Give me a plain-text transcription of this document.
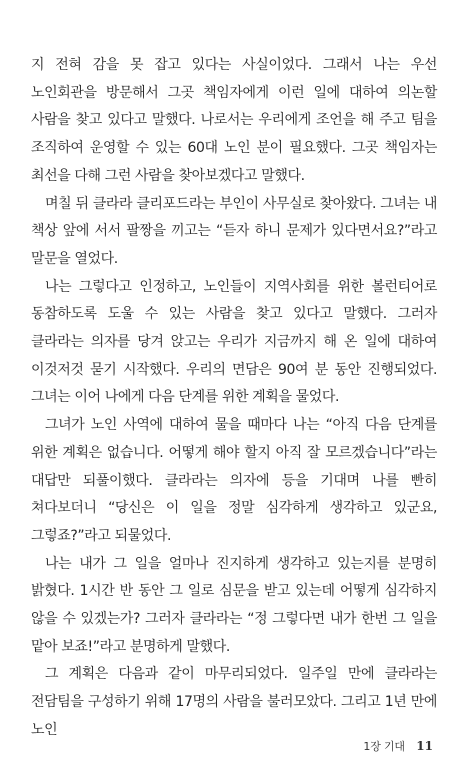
지 전혀 감을 못 잡고 있다는 사실이었다. 그래서 나는 우선 노인회관을 방문해서 그곳 책임자에게 이런 일에 대하여 의논할 사람을 찾고 있다고 말했다. 나로서는 우리에게 조언을 해 주고 팀을 조직하여 운영할 수 있는 60대 노인 분이 필요했다. 그곳 책임자는 최선을 다해 그런 사람을 찾아보겠다고 말했다.

며칠 뒤 클라라 클리포드라는 부인이 사무실로 찾아왔다. 그녀는 내 책상 앞에 서서 팔짱을 끼고는 “듣자 하니 문제가 있다면서요?”라고 말문을 열었다.

나는 그렇다고 인정하고, 노인들이 지역사회를 위한 볼런티어로 동참하도록 도울 수 있는 사람을 찾고 있다고 말했다. 그러자 클라라는 의자를 당겨 앉고는 우리가 지금까지 해 온 일에 대하여 이것저것 묻기 시작했다. 우리의 면담은 90여 분 동안 진행되었다. 그녀는 이어 나에게 다음 단계를 위한 계획을 물었다.

그녀가 노인 사역에 대하여 물을 때마다 나는 “아직 다음 단계를 위한 계획은 없습니다. 어떻게 해야 할지 아직 잘 모르겠습니다”라는 대답만 되풀이했다. 클라라는 의자에 등을 기대며 나를 빤히 쳐다보더니 “당신은 이 일을 정말 심각하게 생각하고 있군요, 그렇죠?”라고 되물었다.

나는 내가 그 일을 얼마나 진지하게 생각하고 있는지를 분명히 밝혔다. 1시간 반 동안 그 일로 심문을 받고 있는데 어떻게 심각하지 않을 수 있겠는가? 그러자 클라라는 “정 그렇다면 내가 한번 그 일을 맡아 보죠!”라고 분명하게 말했다.

그 계획은 다음과 같이 마무리되었다. 일주일 만에 클라라는 전담팀을 구성하기 위해 17명의 사람을 불러모았다. 그리고 1년 만에 노인

1장 기대 11
